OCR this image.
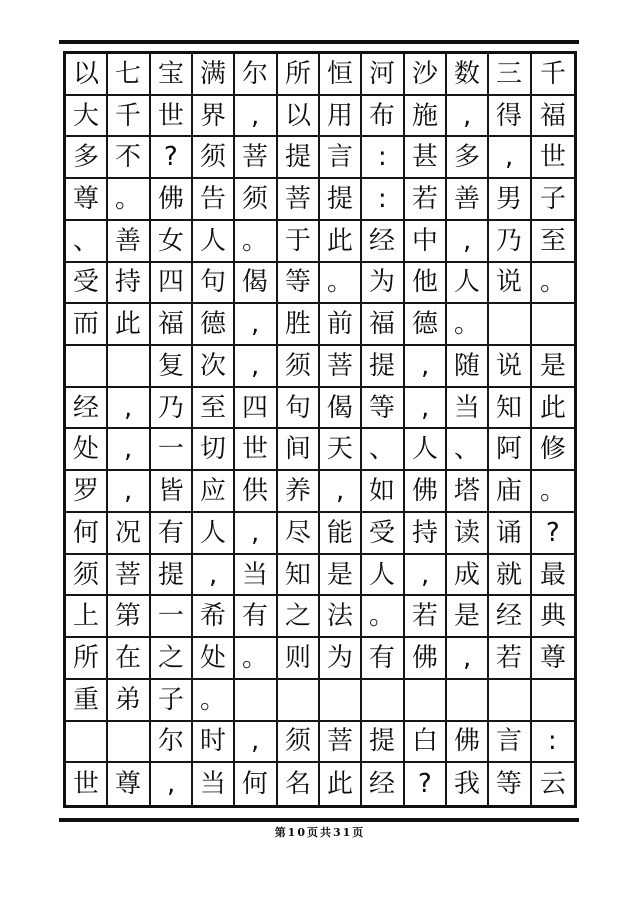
以 七 宝 满 尔 所 恒 河 沙 数 三 千
大 千 世 界 , 以 用 布 施 , 得 福
多 不 ? 须 菩 提 言 : 甚 多 , 世
尊 。 佛 告 须 菩 提 : 若 善 男 子
、 善 女 人 。 于 此 经 中 , 乃 至
受 持 四 句 偈 等 。 为 他 人 说 。
而 此 福 德 , 胜 前 福 德 。
复 次 , 须 菩 提 , 随 说 是
经 , 乃 至 四 句 偈 等 , 当 知 此
处 , 一 切 世 间 天 、 人 、 阿 修
罗 , 皆 应 供 养 , 如 佛 塔 庙 。
何 况 有 人 , 尽 能 受 持 读 诵 ?
须 菩 提 , 当 知 是 人 , 成 就 最
上 第 一 希 有 之 法 。 若 是 经 典
所 在 之 处 。 则 为 有 佛 , 若 尊
重 弟 子 。
尔 时 , 须 菩 提 白 佛 言 :
世 尊 , 当 何 名 此 经 ? 我 等 云
第10页共31页
